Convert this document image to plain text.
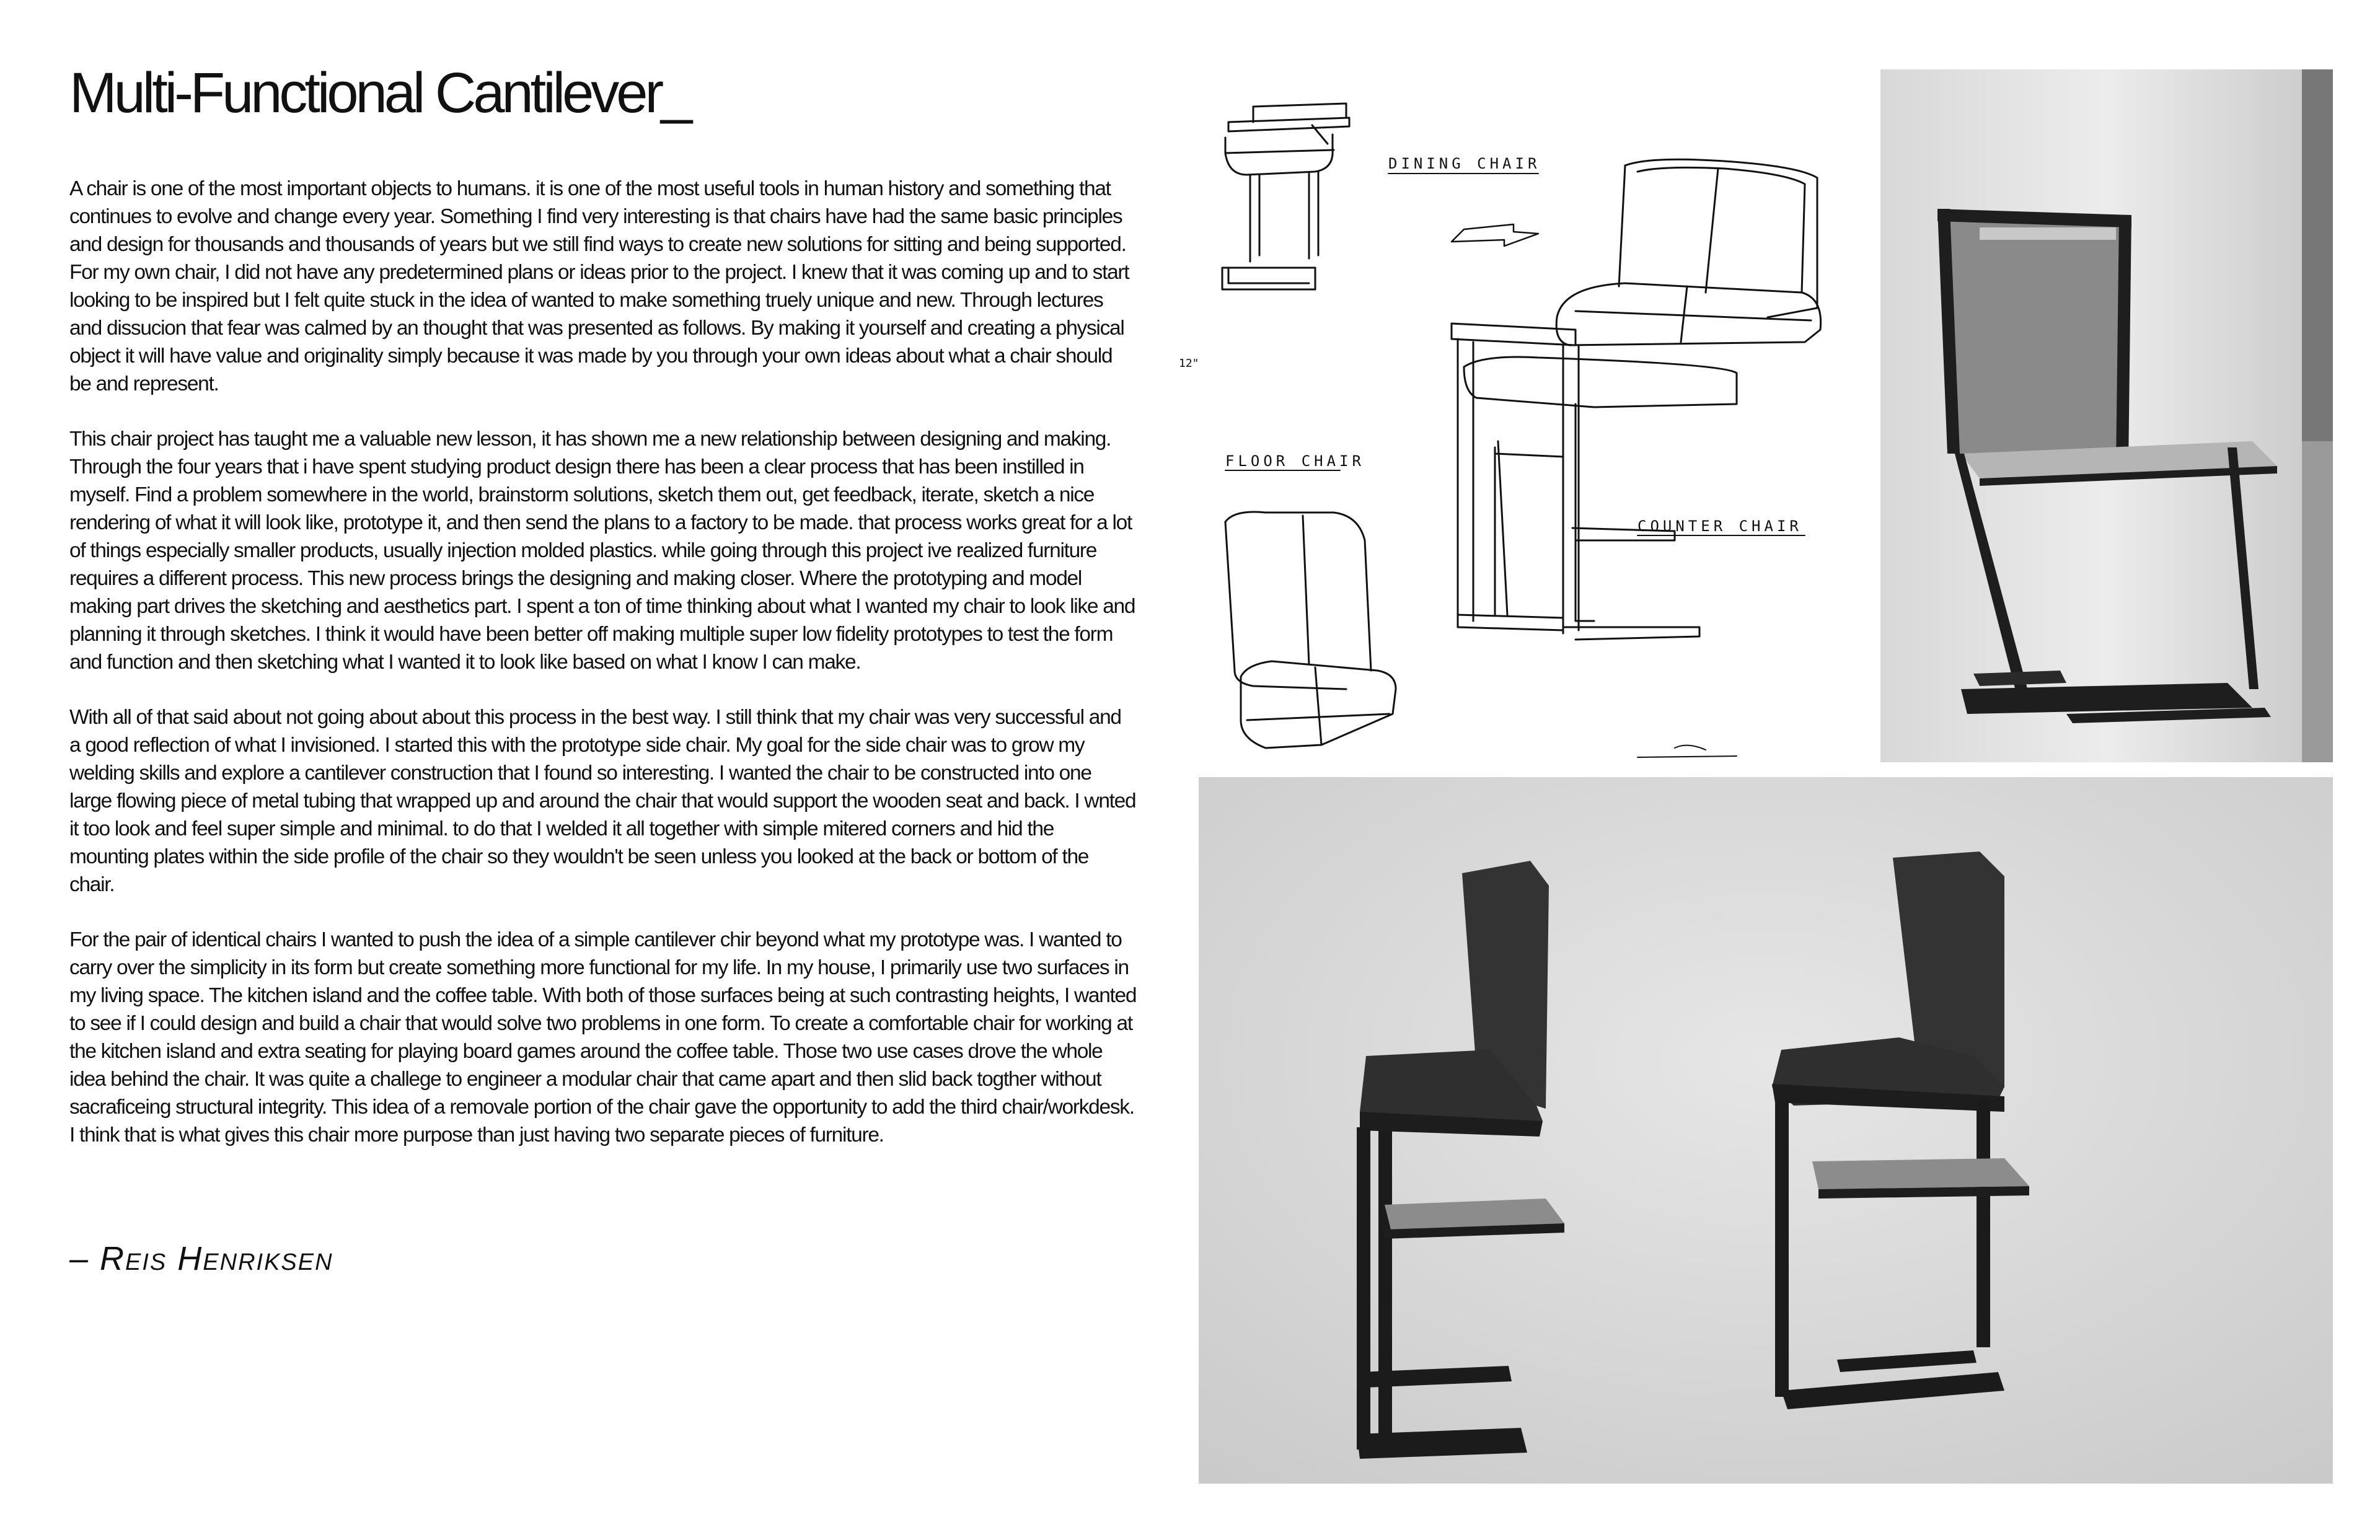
Multi-Functional Cantilever_

A chair is one of the most important objects to humans. it is one of the most useful tools in human history and something that continues to evolve and change every year. Something I find very interesting is that chairs have had the same basic principles and design for thousands and thousands of years but we still find ways to create new solutions for sitting and being supported. For my own chair, I did not have any predetermined plans or ideas prior to the project. I knew that it was coming up and to start looking to be inspired but I felt quite stuck in the idea of wanted to make something truely unique and new. Through lectures and dissucion that fear was calmed by an thought that was presented as follows. By making it yourself and creating a physical object it will have value and originality simply because it was made by you through your own ideas about what a chair should be and represent.

This chair project has taught me a valuable new lesson, it has shown me a new relationship between designing and making. Through the four years that i have spent studying product design there has been a clear process that has been instilled in myself. Find a problem somewhere in the world, brainstorm solutions, sketch them out, get feedback, iterate, sketch a nice rendering of what it will look like, prototype it, and then send the plans to a factory to be made. that process works great for a lot of things especially smaller products, usually injection molded plastics. while going through this project ive realized furniture requires a different process. This new process brings the designing and making closer. Where the prototyping and model making part drives the sketching and aesthetics part. I spent a ton of time thinking about what I wanted my chair to look like and planning it through sketches. I think it would have been better off making multiple super low fidelity prototypes to test the form and function and then sketching what I wanted it to look like based on what I know I can make.

With all of that said about not going about about this process in the best way. I still think that my chair was very successful and a good reflection of what I invisioned. I started this with the prototype side chair. My goal for the side chair was to grow my welding skills and explore a cantilever construction that I found so interesting. I wanted the chair to be constructed into one large flowing piece of metal tubing that wrapped up and around the chair that would support the wooden seat and back. I wnted it too look and feel super simple and minimal. to do that I welded it all together with simple mitered corners and hid the mounting plates within the side profile of the chair so they wouldn't be seen unless you looked at the back or bottom of the chair.

For the pair of identical chairs I wanted to push the idea of a simple cantilever chir beyond what my prototype was. I wanted to carry over the simplicity in its form but create something more functional for my life. In my house, I primarily use two surfaces in my living space. The kitchen island and the coffee table. With both of those surfaces being at such contrasting heights, I wanted to see if I could design and build a chair that would solve two problems in one form. To create a comfortable chair for working at the kitchen island and extra seating for playing board games around the coffee table. Those two use cases drove the whole idea behind the chair. It was quite a challege to engineer a modular chair that came apart and then slid back togther without sacraficeing structural integrity. This idea of a removale portion of the chair gave the opportunity to add the third chair/workdesk. I think that is what gives this chair more purpose than just having two separate pieces of furniture.

– Reis Henriksen
DINING CHAIR
COUNTER CHAIR
FLOOR CHAIR
12"
